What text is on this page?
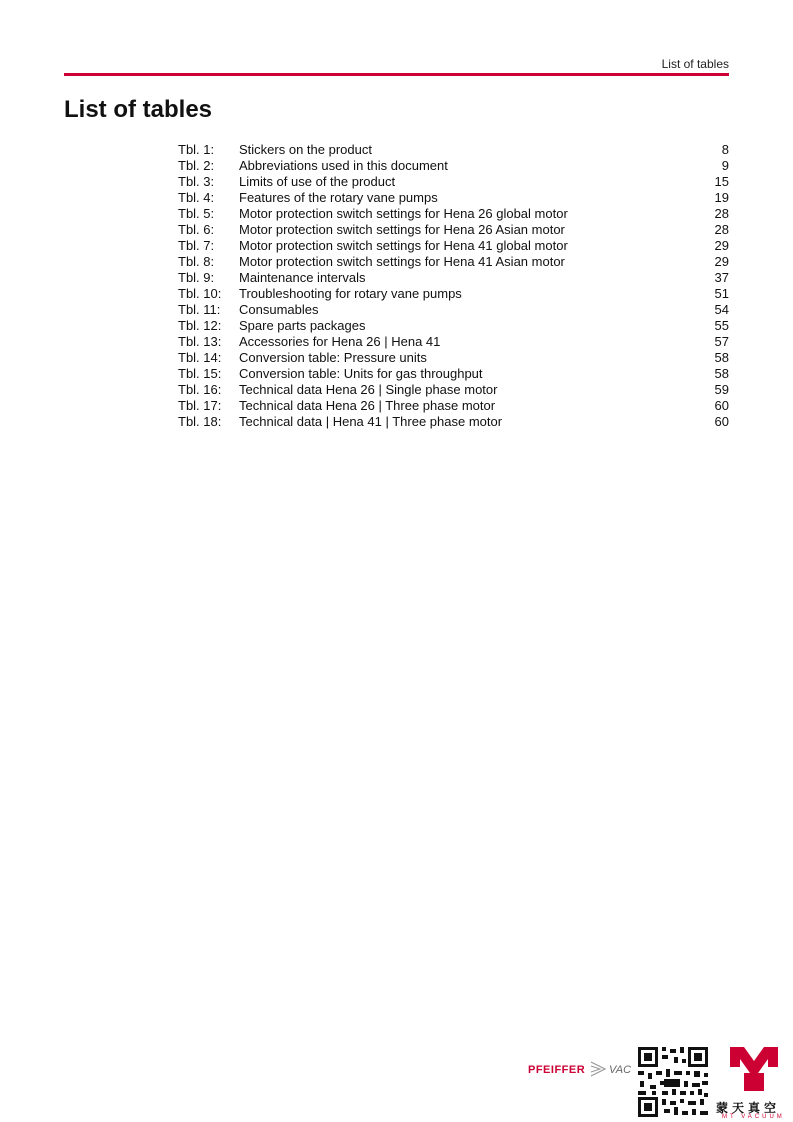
List of tables
List of tables
Tbl. 1:	Stickers on the product	8
Tbl. 2:	Abbreviations used in this document	9
Tbl. 3:	Limits of use of the product	15
Tbl. 4:	Features of the rotary vane pumps	19
Tbl. 5:	Motor protection switch settings for Hena 26 global motor	28
Tbl. 6:	Motor protection switch settings for Hena 26 Asian motor	28
Tbl. 7:	Motor protection switch settings for Hena 41 global motor	29
Tbl. 8:	Motor protection switch settings for Hena 41 Asian motor	29
Tbl. 9:	Maintenance intervals	37
Tbl. 10:	Troubleshooting for rotary vane pumps	51
Tbl. 11:	Consumables	54
Tbl. 12:	Spare parts packages	55
Tbl. 13:	Accessories for Hena 26 | Hena 41	57
Tbl. 14:	Conversion table: Pressure units	58
Tbl. 15:	Conversion table: Units for gas throughput	58
Tbl. 16:	Technical data Hena 26 | Single phase motor	59
Tbl. 17:	Technical data Hena 26 | Three phase motor	60
Tbl. 18:	Technical data | Hena 41 | Three phase motor	60
PFEIFFER VAC
蒙天真空
MT VACUUM
